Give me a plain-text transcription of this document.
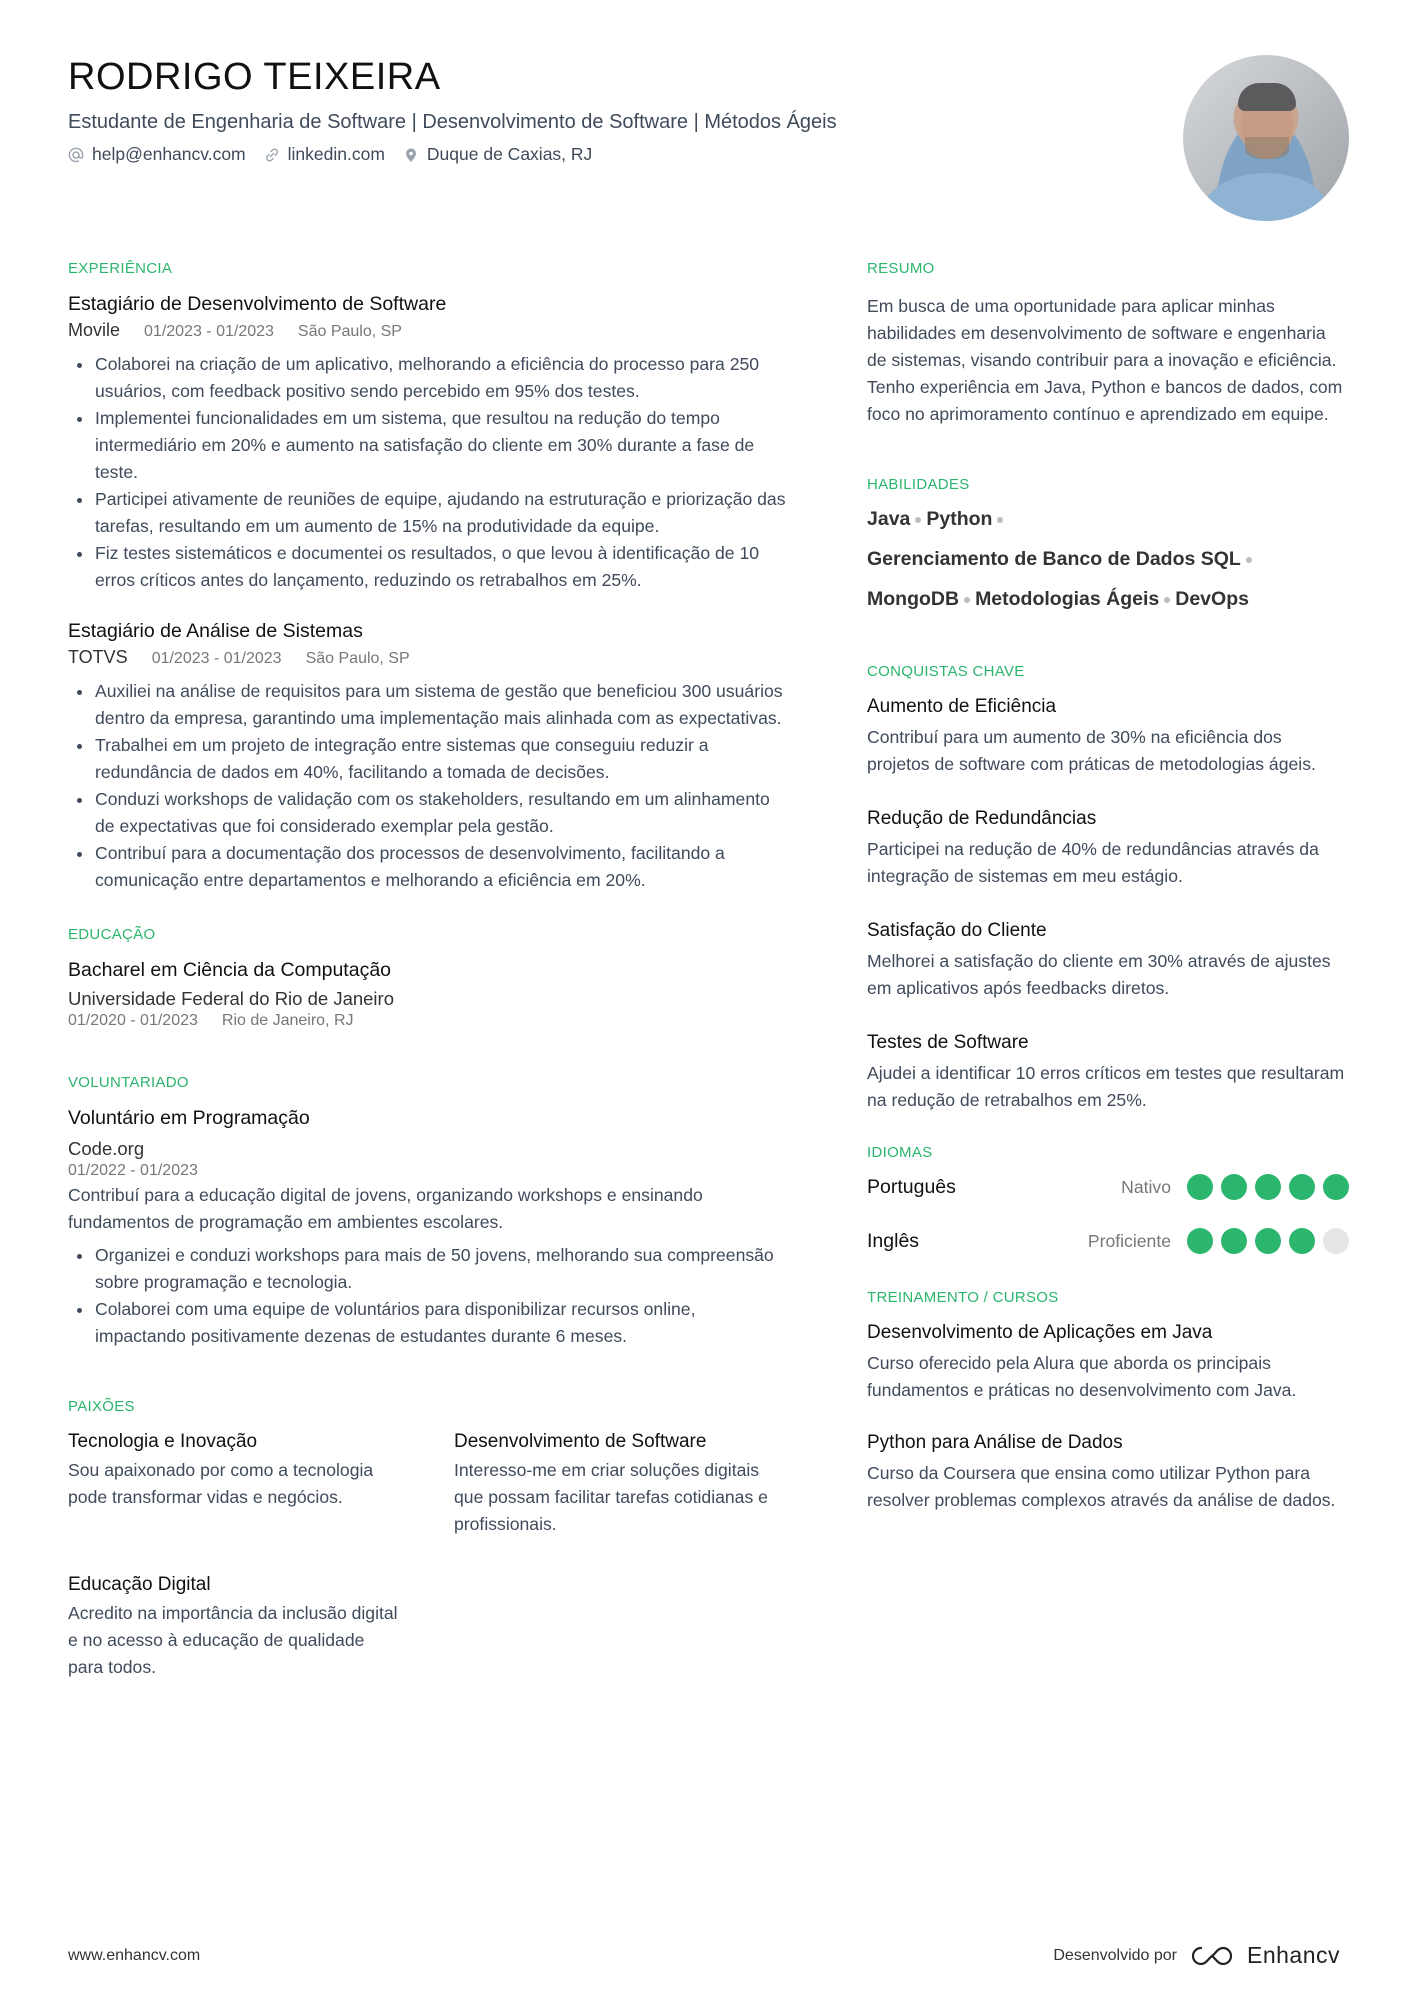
RODRIGO TEIXEIRA
Estudante de Engenharia de Software | Desenvolvimento de Software | Métodos Ágeis
help@enhancv.com linkedin.com Duque de Caxias, RJ
EXPERIÊNCIA
Estagiário de Desenvolvimento de Software
Movile 01/2023 - 01/2023 São Paulo, SP
Colaborei na criação de um aplicativo, melhorando a eficiência do processo para 250 usuários, com feedback positivo sendo percebido em 95% dos testes.
Implementei funcionalidades em um sistema, que resultou na redução do tempo intermediário em 20% e aumento na satisfação do cliente em 30% durante a fase de teste.
Participei ativamente de reuniões de equipe, ajudando na estruturação e priorização das tarefas, resultando em um aumento de 15% na produtividade da equipe.
Fiz testes sistemáticos e documentei os resultados, o que levou à identificação de 10 erros críticos antes do lançamento, reduzindo os retrabalhos em 25%.
Estagiário de Análise de Sistemas
TOTVS 01/2023 - 01/2023 São Paulo, SP
Auxiliei na análise de requisitos para um sistema de gestão que beneficiou 300 usuários dentro da empresa, garantindo uma implementação mais alinhada com as expectativas.
Trabalhei em um projeto de integração entre sistemas que conseguiu reduzir a redundância de dados em 40%, facilitando a tomada de decisões.
Conduzi workshops de validação com os stakeholders, resultando em um alinhamento de expectativas que foi considerado exemplar pela gestão.
Contribuí para a documentação dos processos de desenvolvimento, facilitando a comunicação entre departamentos e melhorando a eficiência em 20%.
EDUCAÇÃO
Bacharel em Ciência da Computação
Universidade Federal do Rio de Janeiro
01/2020 - 01/2023 Rio de Janeiro, RJ
VOLUNTARIADO
Voluntário em Programação
Code.org
01/2022 - 01/2023
Contribuí para a educação digital de jovens, organizando workshops e ensinando fundamentos de programação em ambientes escolares.
Organizei e conduzi workshops para mais de 50 jovens, melhorando sua compreensão sobre programação e tecnologia.
Colaborei com uma equipe de voluntários para disponibilizar recursos online, impactando positivamente dezenas de estudantes durante 6 meses.
PAIXÕES
Tecnologia e Inovação
Sou apaixonado por como a tecnologia pode transformar vidas e negócios.
Desenvolvimento de Software
Interesso-me em criar soluções digitais que possam facilitar tarefas cotidianas e profissionais.
Educação Digital
Acredito na importância da inclusão digital e no acesso à educação de qualidade para todos.
RESUMO
Em busca de uma oportunidade para aplicar minhas habilidades em desenvolvimento de software e engenharia de sistemas, visando contribuir para a inovação e eficiência. Tenho experiência em Java, Python e bancos de dados, com foco no aprimoramento contínuo e aprendizado em equipe.
HABILIDADES
Java Python
Gerenciamento de Banco de Dados SQL
MongoDB Metodologias Ágeis DevOps
CONQUISTAS CHAVE
Aumento de Eficiência
Contribuí para um aumento de 30% na eficiência dos projetos de software com práticas de metodologias ágeis.
Redução de Redundâncias
Participei na redução de 40% de redundâncias através da integração de sistemas em meu estágio.
Satisfação do Cliente
Melhorei a satisfação do cliente em 30% através de ajustes em aplicativos após feedbacks diretos.
Testes de Software
Ajudei a identificar 10 erros críticos em testes que resultaram na redução de retrabalhos em 25%.
IDIOMAS
Português	Nativo
Inglês	Proficiente
TREINAMENTO / CURSOS
Desenvolvimento de Aplicações em Java
Curso oferecido pela Alura que aborda os principais fundamentos e práticas no desenvolvimento com Java.
Python para Análise de Dados
Curso da Coursera que ensina como utilizar Python para resolver problemas complexos através da análise de dados.
www.enhancv.com	Desenvolvido por	Enhancv
